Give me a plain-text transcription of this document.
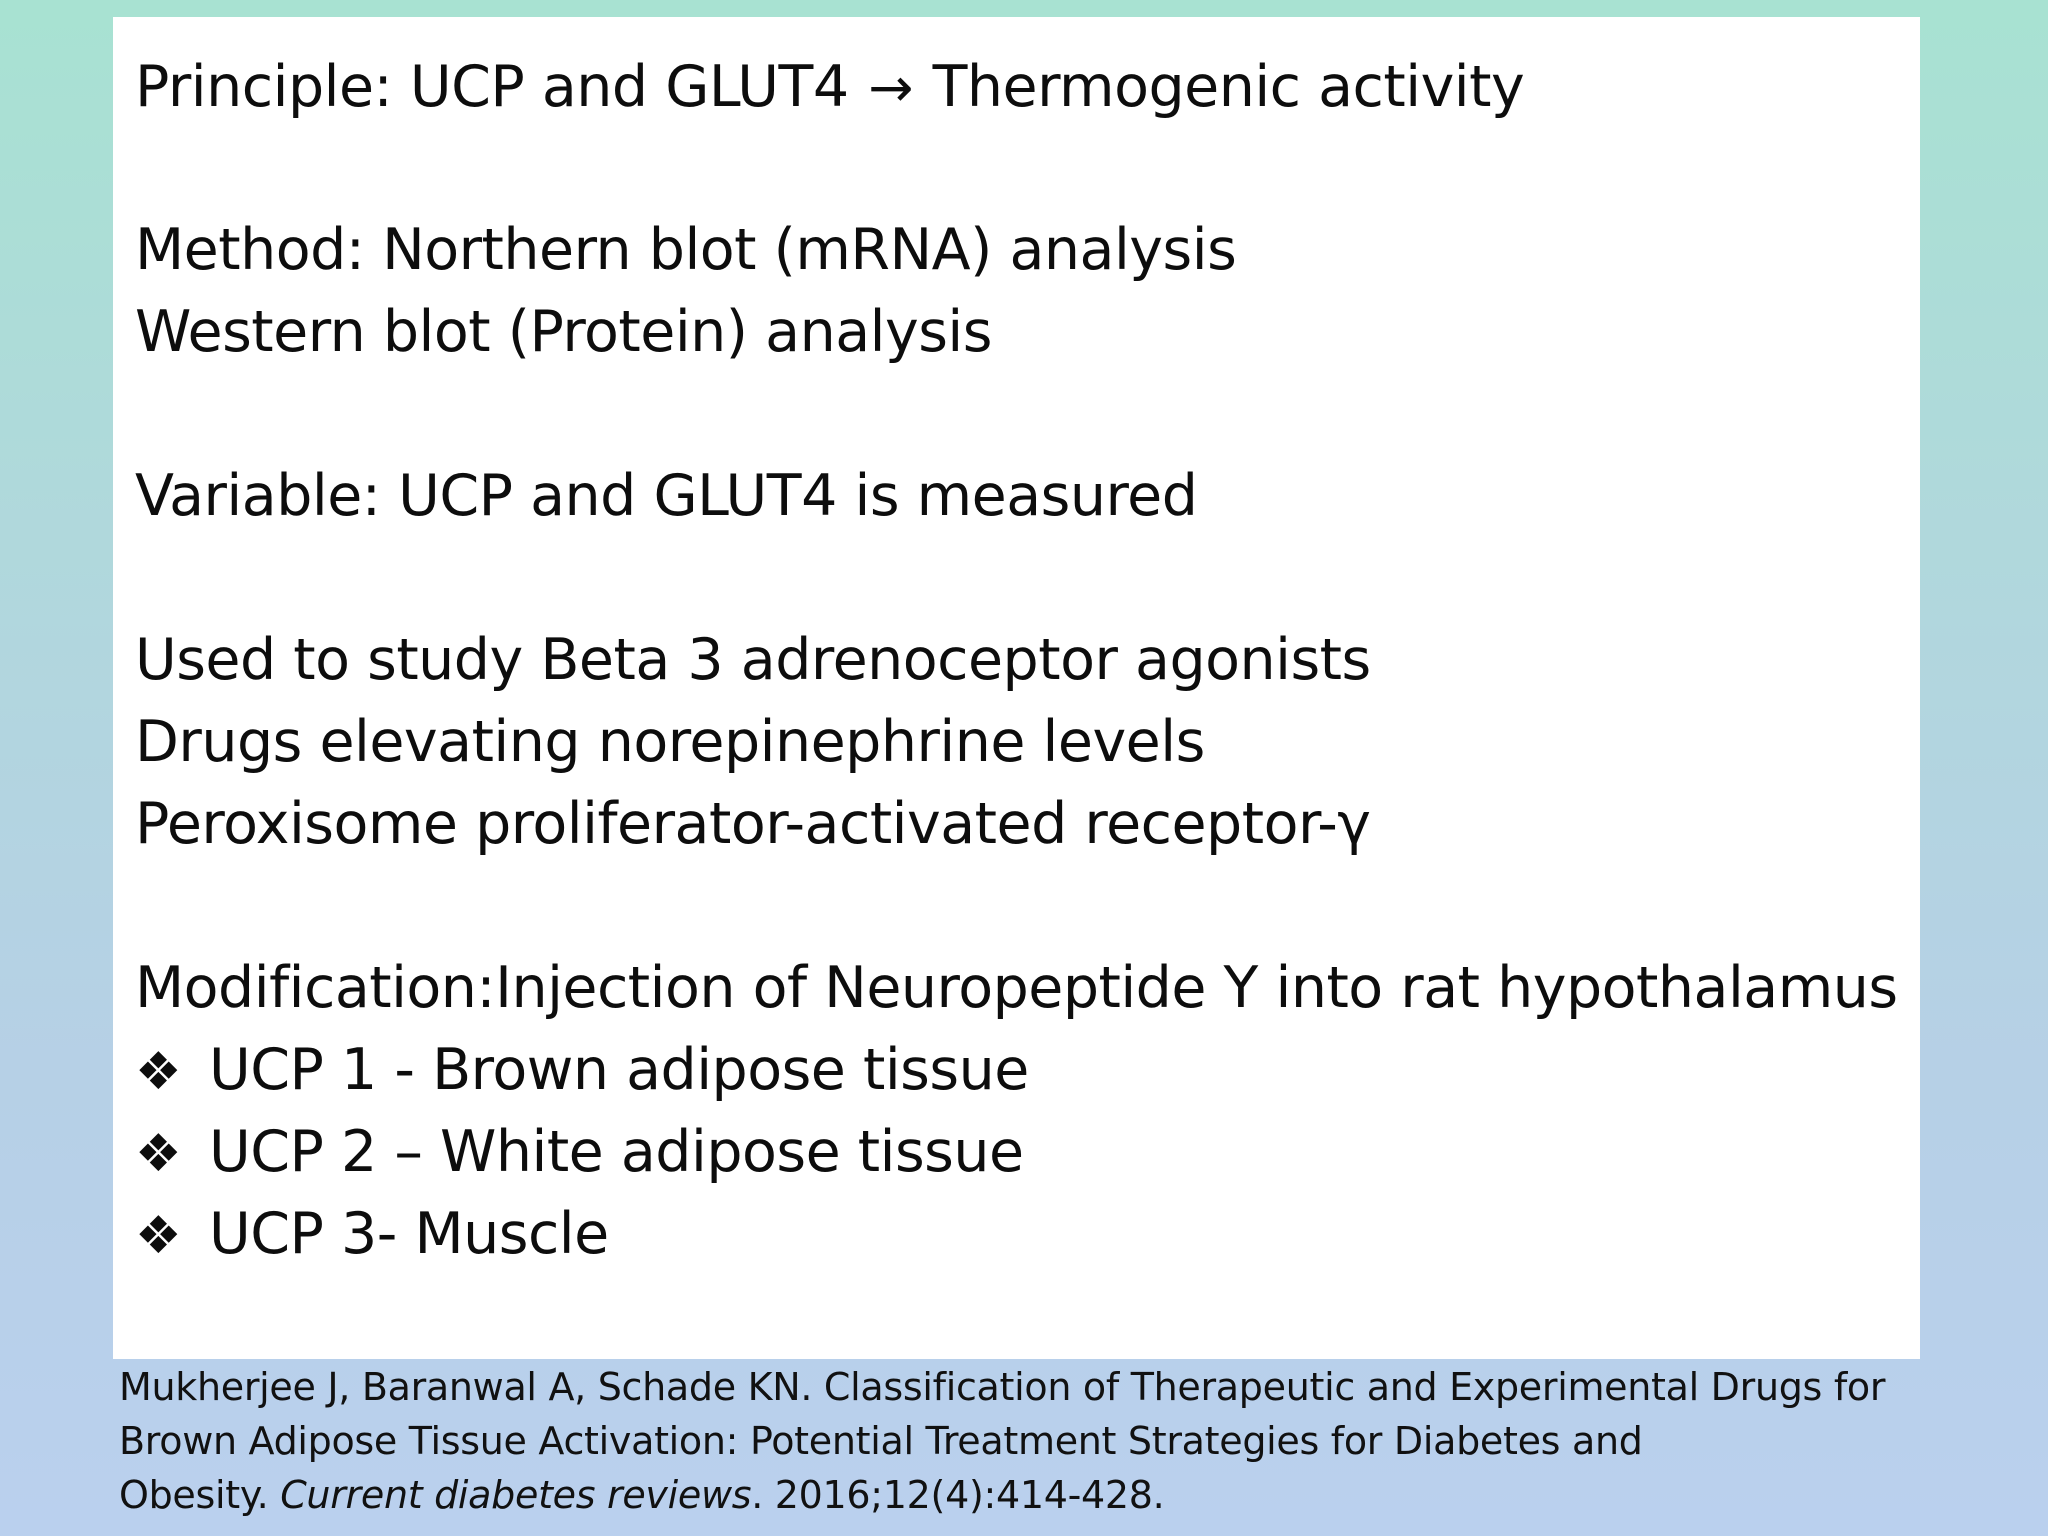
Principle: UCP and GLUT4 → Thermogenic activity
Method: Northern blot (mRNA) analysis
Western blot (Protein) analysis
Variable: UCP and GLUT4 is measured
Used to study Beta 3 adrenoceptor agonists
Drugs elevating norepinephrine levels
Peroxisome proliferator-activated receptor-γ
Modification:Injection of Neuropeptide Y into rat hypothalamus
❖ UCP 1 - Brown adipose tissue
❖ UCP 2 – White adipose tissue
❖ UCP 3- Muscle
Mukherjee J, Baranwal A, Schade KN. Classification of Therapeutic and Experimental Drugs for
Brown Adipose Tissue Activation: Potential Treatment Strategies for Diabetes and
Obesity. Current diabetes reviews. 2016;12(4):414-428.
